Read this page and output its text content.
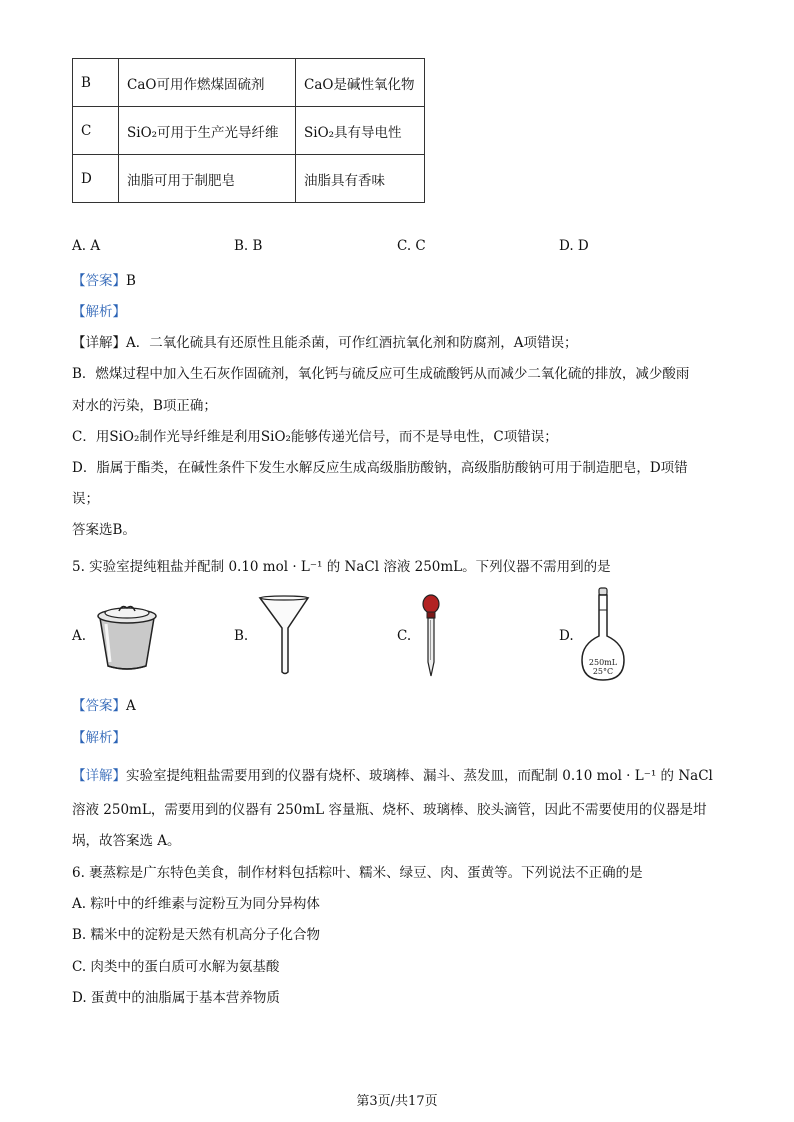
B	CaO可用作燃煤固硫剂	CaO是碱性氧化物
C	SiO₂可用于生产光导纤维	SiO₂具有导电性
D	油脂可用于制肥皂	油脂具有香味
A. A	B. B	C. C	D. D
【答案】B
【解析】
【详解】A．二氧化硫具有还原性且能杀菌，可作红酒抗氧化剂和防腐剂，A项错误；
B．燃煤过程中加入生石灰作固硫剂，氧化钙与硫反应可生成硫酸钙从而减少二氧化硫的排放，减少酸雨
对水的污染，B项正确；
C．用SiO₂制作光导纤维是利用SiO₂能够传递光信号，而不是导电性，C项错误；
D．脂属于酯类，在碱性条件下发生水解反应生成高级脂肪酸钠，高级脂肪酸钠可用于制造肥皂，D项错
误；
答案选B。
5. 实验室提纯粗盐并配制 0.10 mol · L⁻¹ 的 NaCl 溶液 250mL。下列仪器不需用到的是
A.	B.	C.	D.
250mL
25°C
【答案】A
【解析】
【详解】实验室提纯粗盐需要用到的仪器有烧杯、玻璃棒、漏斗、蒸发皿，而配制 0.10 mol · L⁻¹ 的 NaCl
溶液 250mL，需要用到的仪器有 250mL 容量瓶、烧杯、玻璃棒、胶头滴管，因此不需要使用的仪器是坩
埚，故答案选 A。
6. 裹蒸粽是广东特色美食，制作材料包括粽叶、糯米、绿豆、肉、蛋黄等。下列说法不正确的是
A. 粽叶中的纤维素与淀粉互为同分异构体
B. 糯米中的淀粉是天然有机高分子化合物
C. 肉类中的蛋白质可水解为氨基酸
D. 蛋黄中的油脂属于基本营养物质
第3页/共17页
